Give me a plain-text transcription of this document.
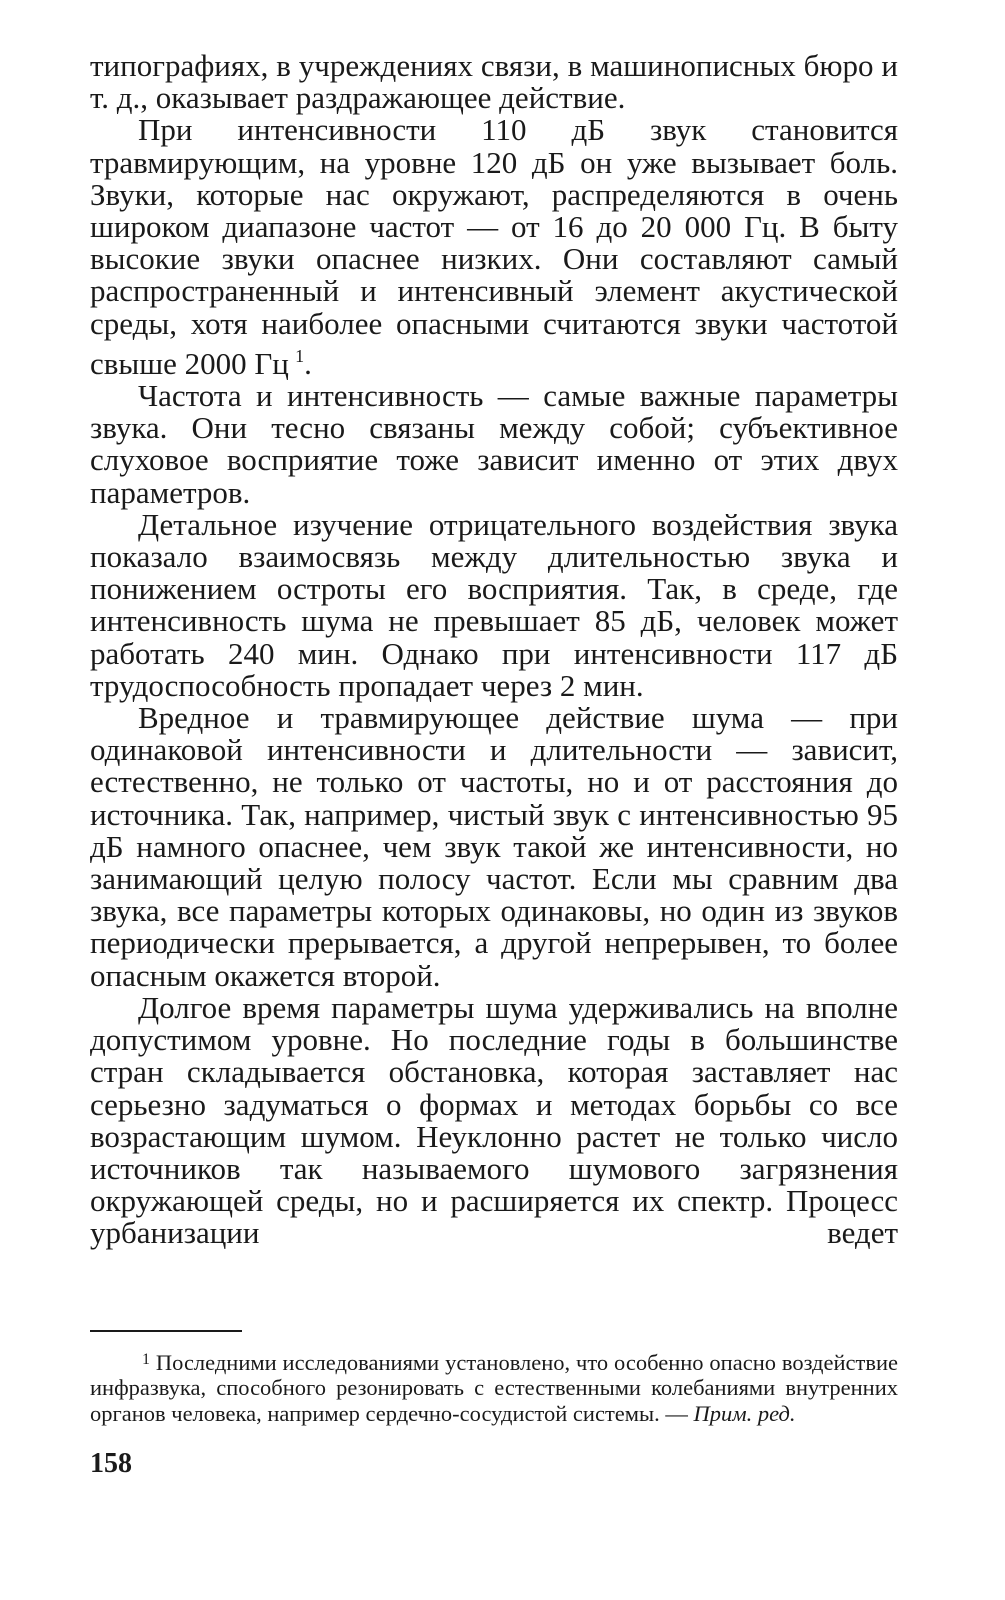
типографиях, в учреждениях связи, в машинописных бюро и т. д., оказывает раздражающее действие.

При интенсивности 110 дБ звук становится травмирующим, на уровне 120 дБ он уже вызывает боль. Звуки, которые нас окружают, распределяются в очень широком диапазоне частот — от 16 до 20 000 Гц. В быту высокие звуки опаснее низких. Они составляют самый распространенный и интенсивный элемент акустической среды, хотя наиболее опасными считаются звуки частотой свыше 2000 Гц  $^1$.

Частота и интенсивность — самые важные параметры звука. Они тесно связаны между собой; субъективное слуховое восприятие тоже зависит именно от этих двух параметров.

Детальное изучение отрицательного воздействия звука показало взаимосвязь между длительностью звука и понижением остроты его восприятия. Так, в среде, где интенсивность шума не превышает 85 дБ, человек может работать 240 мин. Однако при интенсивности 117 дБ трудоспособность пропадает через 2 мин.

Вредное и травмирующее действие шума — при одинаковой интенсивности и длительности — зависит, естественно, не только от частоты, но и от расстояния до источника. Так, например, чистый звук с интенсивностью 95 дБ намного опаснее, чем звук такой же интенсивности, но занимающий целую полосу частот. Если мы сравним два звука, все параметры которых одинаковы, но один из звуков периодически прерывается, а другой непрерывен, то более опасным окажется второй.

Долгое время параметры шума удерживались на вполне допустимом уровне. Но последние годы в большинстве стран складывается обстановка, которая заставляет нас серьезно задуматься о формах и методах борьбы со все возрастающим шумом. Неуклонно растет не только число источников так называемого шумового загрязнения окружающей среды, но и расширяется их спектр. Процесс урбанизации ведет

$^1$ Последними исследованиями установлено, что особенно опасно воздействие инфразвука, способного резонировать с естественными колебаниями внутренних органов человека, например сердечно-сосудистой системы. — Прим. ред.

158
